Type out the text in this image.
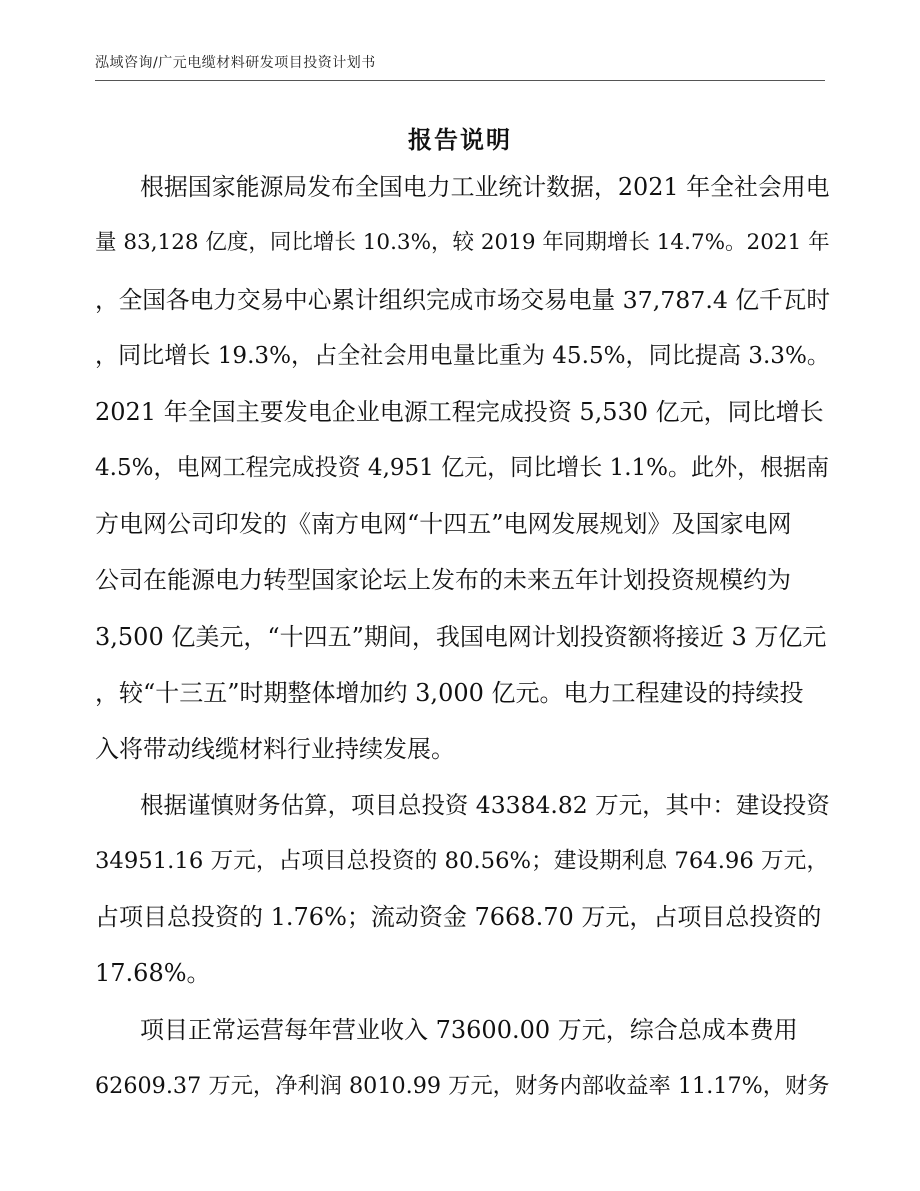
泓域咨询/广元电缆材料研发项目投资计划书
报告说明
根据国家能源局发布全国电力工业统计数据，2021 年全社会用电
量 83,128 亿度，同比增长 10.3%，较 2019 年同期增长 14.7%。2021 年
，全国各电力交易中心累计组织完成市场交易电量 37,787.4 亿千瓦时
，同比增长 19.3%，占全社会用电量比重为 45.5%，同比提高 3.3%。
2021 年全国主要发电企业电源工程完成投资 5,530 亿元，同比增长
4.5%，电网工程完成投资 4,951 亿元，同比增长 1.1%。此外，根据南
方电网公司印发的《南方电网“十四五”电网发展规划》及国家电网
公司在能源电力转型国家论坛上发布的未来五年计划投资规模约为
3,500 亿美元，“十四五”期间，我国电网计划投资额将接近 3 万亿元
，较“十三五”时期整体增加约 3,000 亿元。电力工程建设的持续投
入将带动线缆材料行业持续发展。
根据谨慎财务估算，项目总投资 43384.82 万元，其中：建设投资
34951.16 万元，占项目总投资的 80.56%；建设期利息 764.96 万元，
占项目总投资的 1.76%；流动资金 7668.70 万元，占项目总投资的
17.68%。
项目正常运营每年营业收入 73600.00 万元，综合总成本费用
62609.37 万元，净利润 8010.99 万元，财务内部收益率 11.17%，财务
